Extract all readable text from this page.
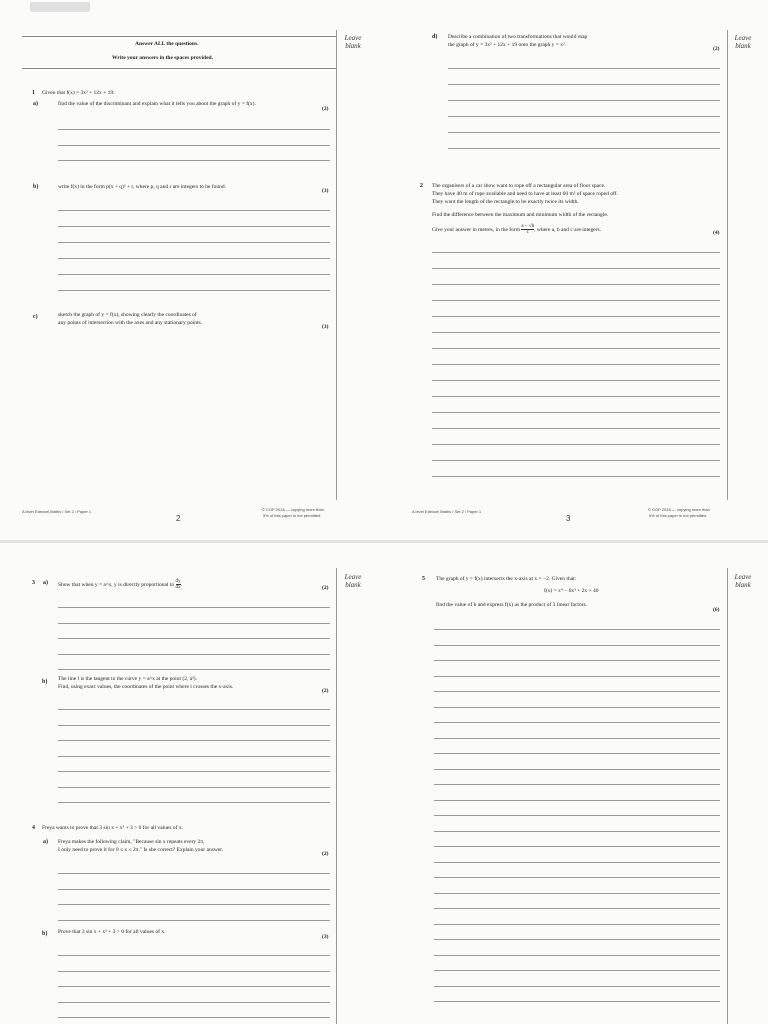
Leave
blank
Answer ALL the questions.
Write your answers in the spaces provided.
1 Given that f(x) = 3x² + 12x + 19:
a)	find the value of the discriminant and explain what it tells you about the graph of y = f(x).
(2)
b)	write f(x) in the form p(x + q)² + r, where p, q and r are integers to be found.
(3)
c)	sketch the graph of y = f(x), showing clearly the coordinates of
any points of intersection with the axes and any stationary points.
(3)
A level Edexcel Maths / Set 2 / Paper 1
2
© CGP 2018 — copying more than
5% of this paper is not permitted
Leave
blank
d) Describe a combination of two transformations that would map
the graph of y = 3x² + 12x + 19 onto the graph y = x².
(2)
2 The organisers of a car show want to rope off a rectangular area of floor space.
They have 40 m of rope available and need to have at least 60 m² of space roped off.
They want the length of the rectangle to be exactly twice its width.
Find the difference between the maximum and minimum width of the rectangle.
Give your answer in metres, in the form $\frac{a - √b}{c}$ , where a, b and c are integers.
(4)
A level Edexcel Maths / Set 2 / Paper 1
3
© CGP 2018 — copying more than
5% of this paper is not permitted
Leave
blank
3 a) Show that when y = a^x, y is directly proportional to $\frac{dy}{dx}$ .
(2)
b) The line l is the tangent to the curve y = a^x at the point (2, a²).
Find, using exact values, the coordinates of the point where l crosses the x-axis.
(2)
4 Freya wants to prove that 3 sin x + x² + 3 > 0 for all values of x.
a) Freya makes the following claim, "Because sin x repeats every 2π,
I only need to prove it for 0 ≤ x ≤ 2π." Is she correct? Explain your answer.
(2)
b) Prove that 3 sin x + x² + 3 > 0 for all values of x.
(3)
Leave
blank
5 The graph of y = f(x) intersects the x-axis at x = −2. Given that:
f(x) = x⁴ − 6x³ + 2x + 40
find the value of b and express f(x) as the product of 3 linear factors.
(6)
